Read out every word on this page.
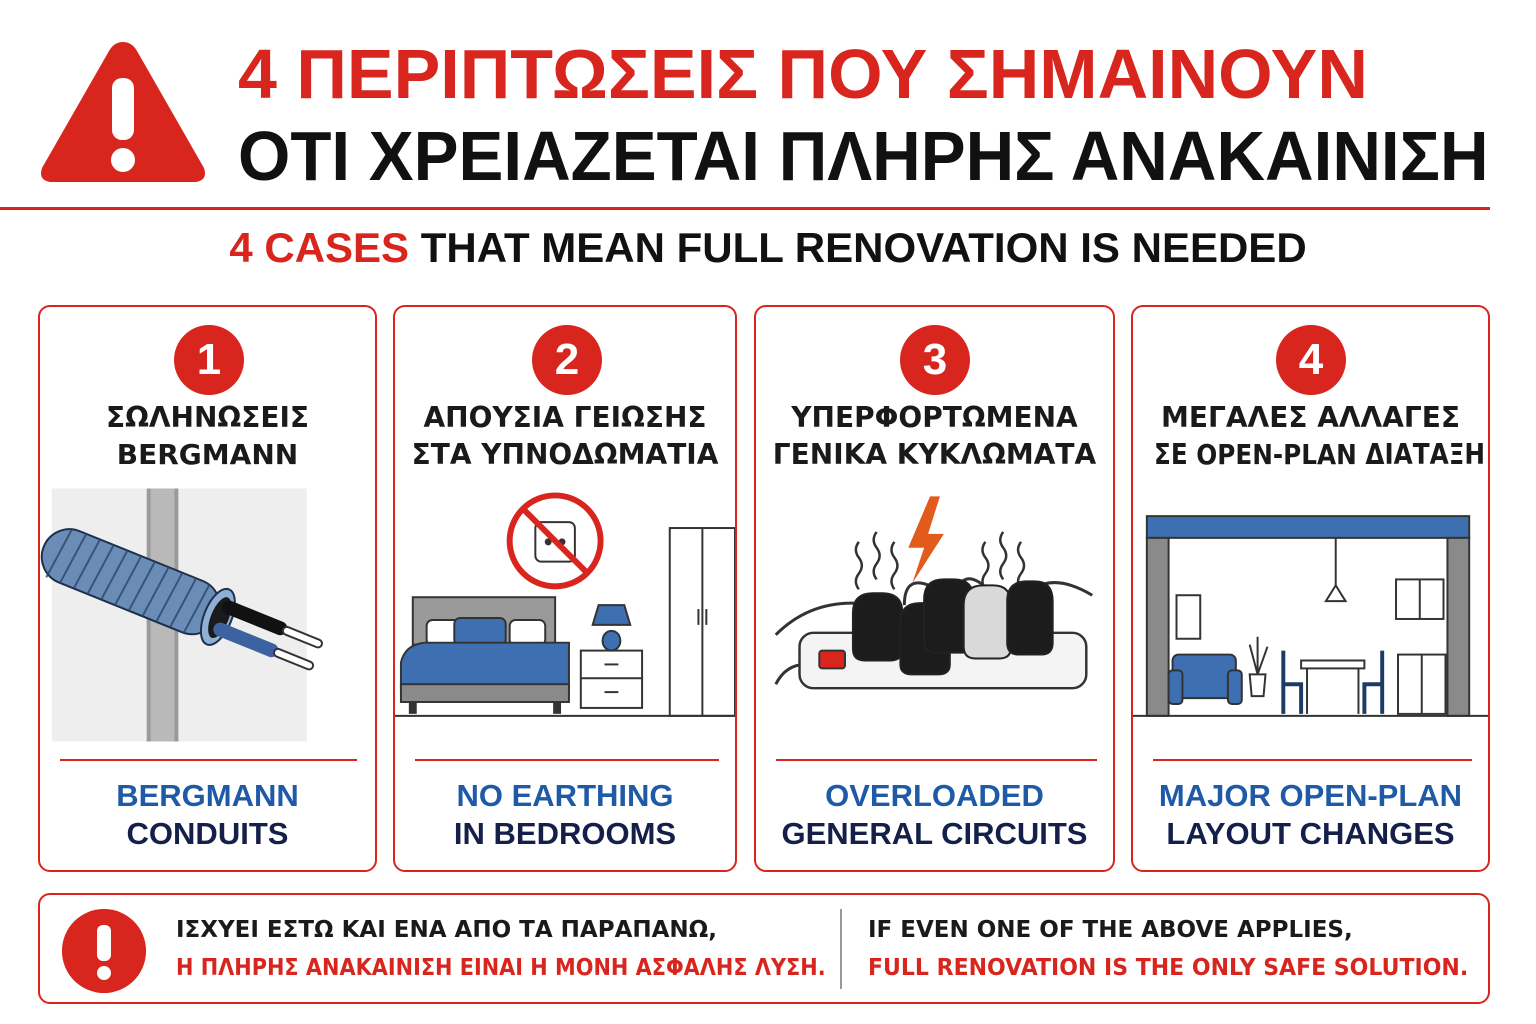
4 ΠΕΡΙΠΤΩΣΕΙΣ ΠΟΥ ΣΗΜΑΙΝΟΥΝ
ΟΤΙ ΧΡΕΙΑΖΕΤΑΙ ΠΛΗΡΗΣ ΑΝΑΚΑΙΝΙΣΗ
4 CASES THAT MEAN FULL RENOVATION IS NEEDED
1
ΣΩΛΗΝΩΣΕΙΣ
BERGMANN
BERGMANN
CONDUITS
2
ΑΠΟΥΣΙΑ ΓΕΙΩΣΗΣ
ΣΤΑ ΥΠΝΟΔΩΜΑΤΙΑ
NO EARTHING
IN BEDROOMS
3
ΥΠΕΡΦΟΡΤΩΜΕΝΑ
ΓΕΝΙΚΑ ΚΥΚΛΩΜΑΤΑ
OVERLOADED
GENERAL CIRCUITS
4
ΜΕΓΑΛΕΣ ΑΛΛΑΓΕΣ
ΣΕ OPEN-PLAN ΔΙΑΤΑΞΗ
MAJOR OPEN-PLAN
LAYOUT CHANGES
ΙΣΧΥΕΙ ΕΣΤΩ ΚΑΙ ΕΝΑ ΑΠΟ ΤΑ ΠΑΡΑΠΑΝΩ,
Η ΠΛΗΡΗΣ ΑΝΑΚΑΙΝΙΣΗ ΕΙΝΑΙ Η ΜΟΝΗ ΑΣΦΑΛΗΣ ΛΥΣΗ.
IF EVEN ONE OF THE ABOVE APPLIES,
FULL RENOVATION IS THE ONLY SAFE SOLUTION.
